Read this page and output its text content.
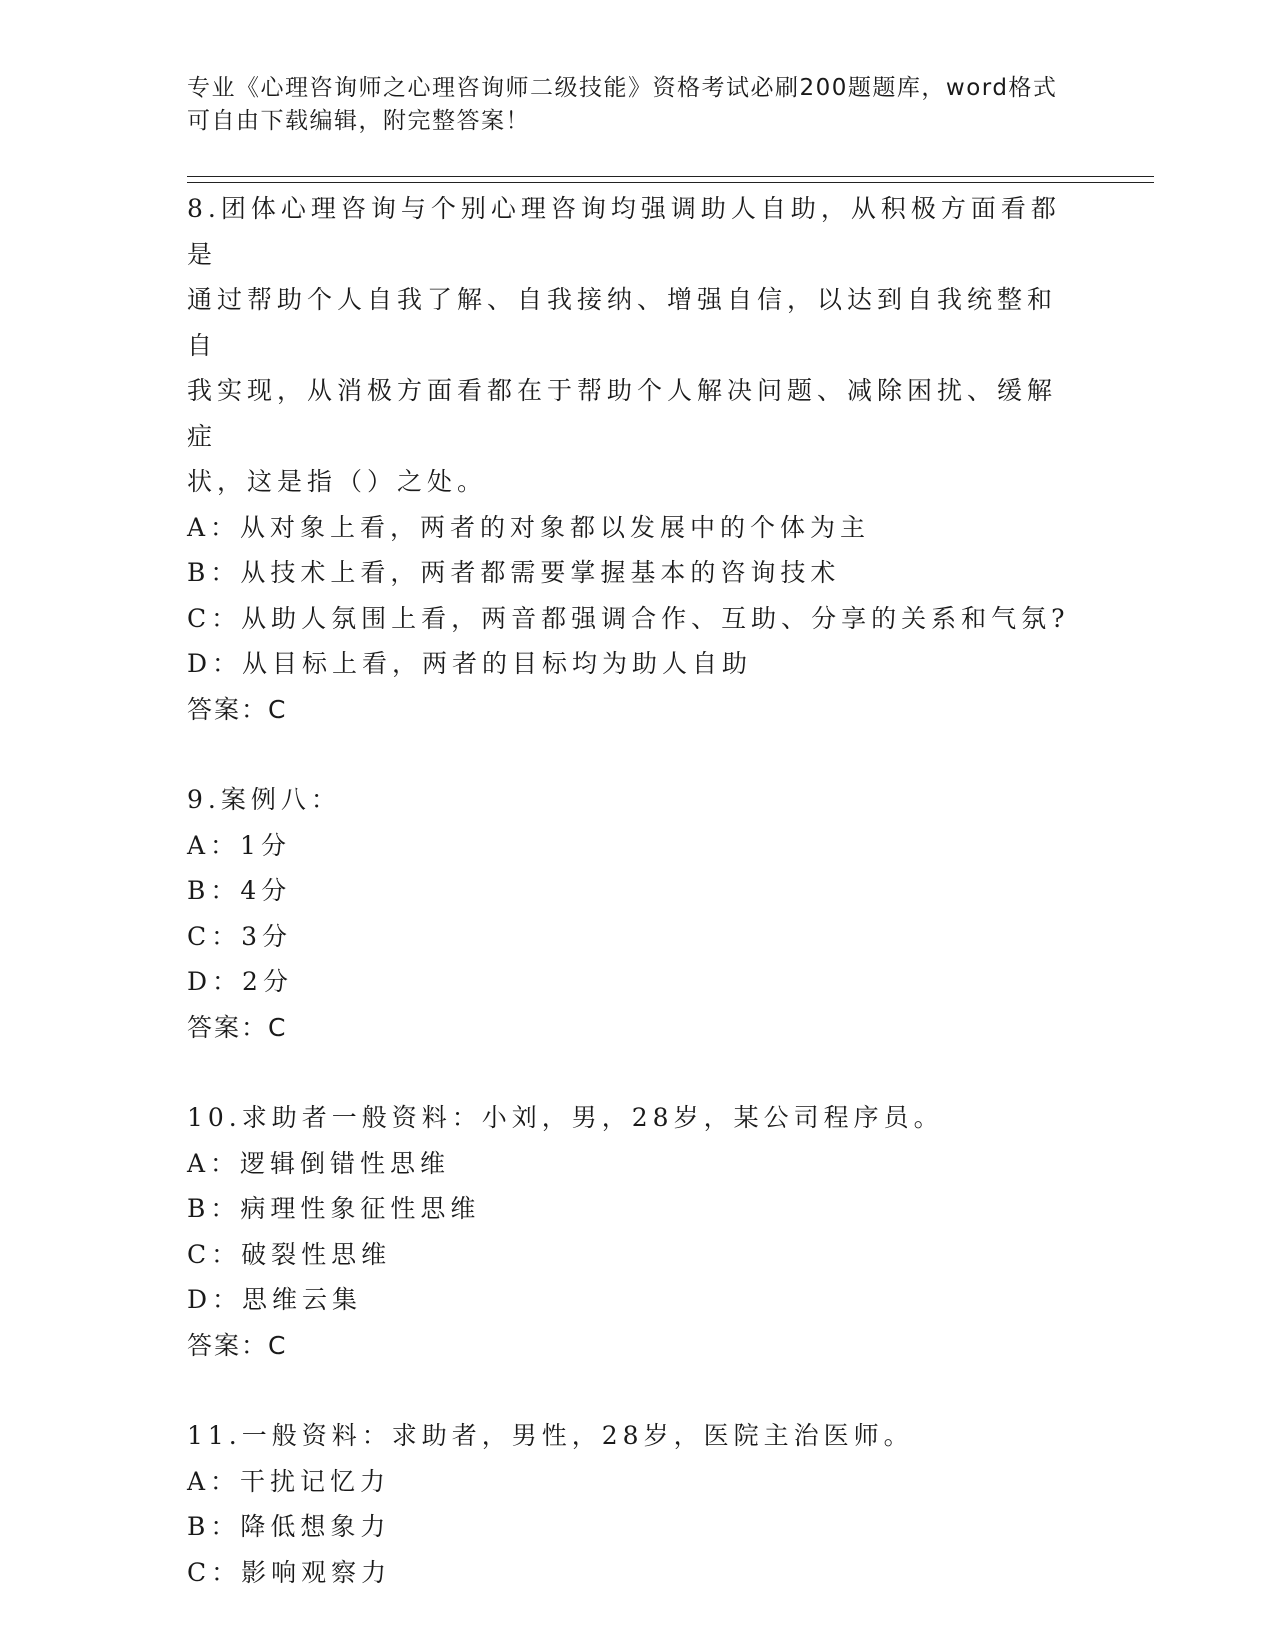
专业《心理咨询师之心理咨询师二级技能》资格考试必刷200题题库，word格式
可自由下载编辑，附完整答案！
8.团体心理咨询与个别心理咨询均强调助人自助，从积极方面看都是
通过帮助个人自我了解、自我接纳、增强自信，以达到自我统整和自
我实现，从消极方面看都在于帮助个人解决问题、减除困扰、缓解症
状，这是指（）之处。
A：从对象上看，两者的对象都以发展中的个体为主
B：从技术上看，两者都需要掌握基本的咨询技术
C：从助人氛围上看，两音都强调合作、互助、分享的关系和气氛?
D：从目标上看，两者的目标均为助人自助
答案：C
9.案例八：
A：1分
B：4分
C：3分
D：2分
答案：C
10.求助者一般资料：小刘，男，28岁，某公司程序员。
A：逻辑倒错性思维
B：病理性象征性思维
C：破裂性思维
D：思维云集
答案：C
11.一般资料：求助者，男性，28岁，医院主治医师。
A：干扰记忆力
B：降低想象力
C：影响观察力
